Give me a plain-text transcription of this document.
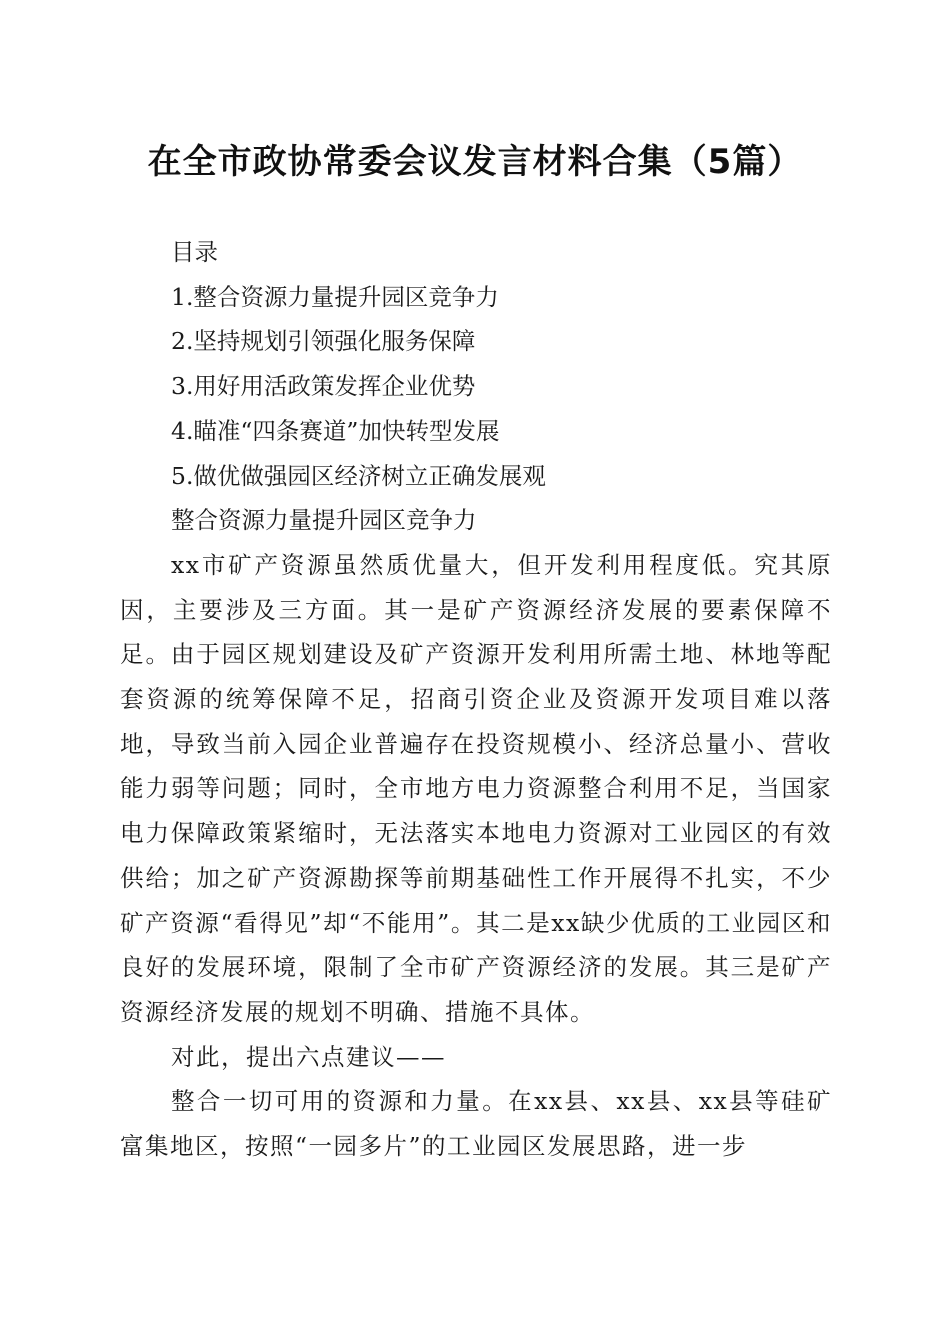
在全市政协常委会议发言材料合集（5篇）

目录

1.整合资源力量提升园区竞争力

2.坚持规划引领强化服务保障

3.用好用活政策发挥企业优势

4.瞄准“四条赛道”加快转型发展

5.做优做强园区经济树立正确发展观

整合资源力量提升园区竞争力

xx市矿产资源虽然质优量大，但开发利用程度低。究其原因，主要涉及三方面。其一是矿产资源经济发展的要素保障不足。由于园区规划建设及矿产资源开发利用所需土地、林地等配套资源的统筹保障不足，招商引资企业及资源开发项目难以落地，导致当前入园企业普遍存在投资规模小、经济总量小、营收能力弱等问题；同时，全市地方电力资源整合利用不足，当国家电力保障政策紧缩时，无法落实本地电力资源对工业园区的有效供给；加之矿产资源勘探等前期基础性工作开展得不扎实，不少矿产资源“看得见”却“不能用”。其二是xx缺少优质的工业园区和良好的发展环境，限制了全市矿产资源经济的发展。其三是矿产资源经济发展的规划不明确、措施不具体。

对此，提出六点建议——

整合一切可用的资源和力量。在xx县、xx县、xx县等硅矿富集地区，按照“一园多片”的工业园区发展思路，进一步
